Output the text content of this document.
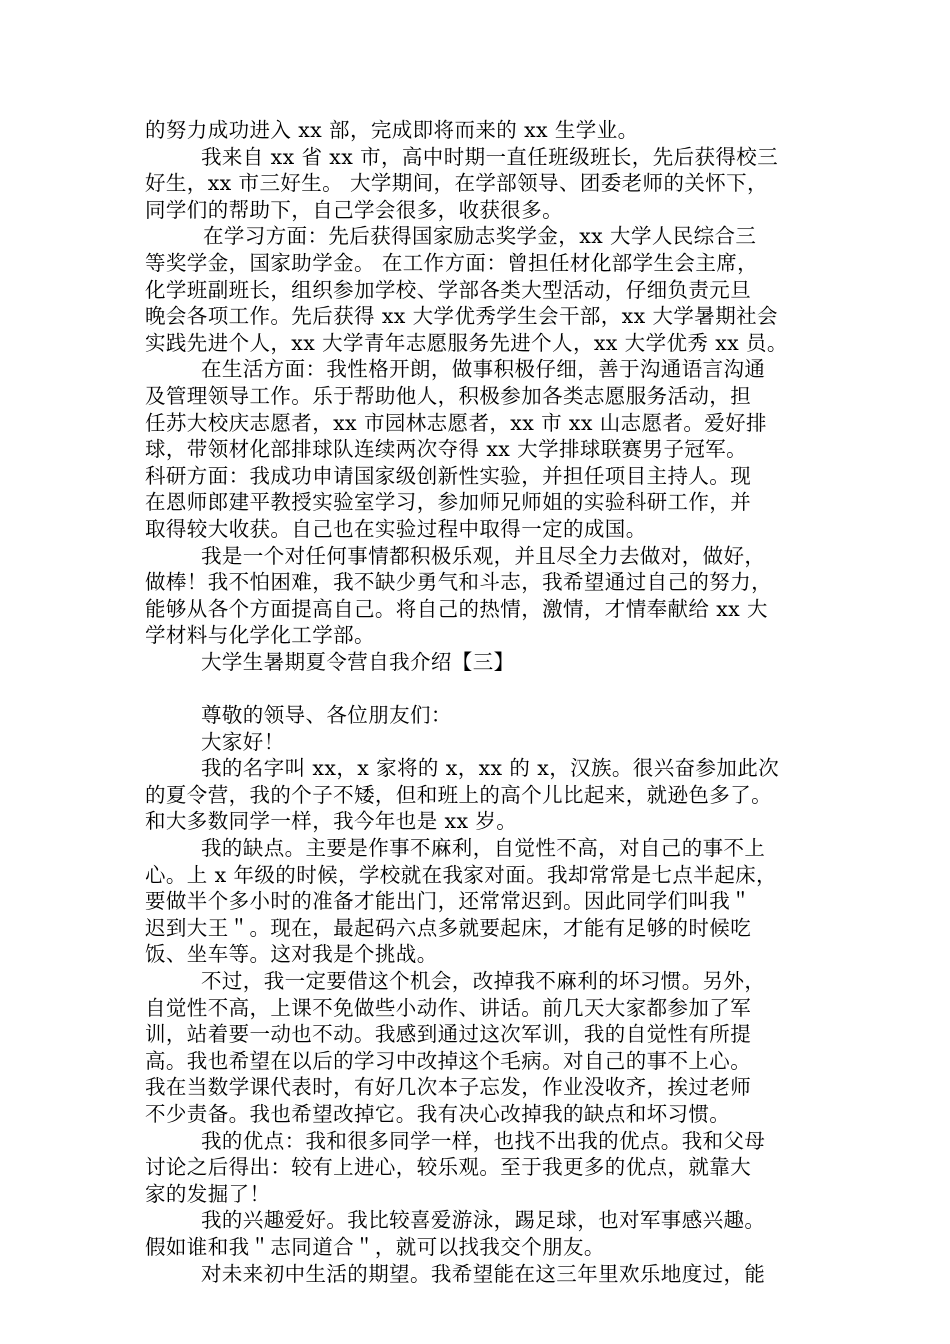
的努力成功进入 xx 部，完成即将而来的 xx 生学业。
我来自 xx 省 xx 市，高中时期一直任班级班长，先后获得校三
好生，xx 市三好生。 大学期间，在学部领导、团委老师的关怀下，
同学们的帮助下，自己学会很多，收获很多。
在学习方面：先后获得国家励志奖学金，xx 大学人民综合三
等奖学金，国家助学金。 在工作方面：曾担任材化部学生会主席，
化学班副班长，组织参加学校、学部各类大型活动，仔细负责元旦
晚会各项工作。先后获得 xx 大学优秀学生会干部，xx 大学暑期社会
实践先进个人，xx 大学青年志愿服务先进个人，xx 大学优秀 xx 员。
在生活方面：我性格开朗，做事积极仔细，善于沟通语言沟通
及管理领导工作。乐于帮助他人，积极参加各类志愿服务活动，担
任苏大校庆志愿者，xx 市园林志愿者，xx 市 xx 山志愿者。爱好排
球，带领材化部排球队连续两次夺得 xx 大学排球联赛男子冠军。
科研方面：我成功申请国家级创新性实验，并担任项目主持人。现
在恩师郎建平教授实验室学习，参加师兄师姐的实验科研工作，并
取得较大收获。自己也在实验过程中取得一定的成国。
我是一个对任何事情都积极乐观，并且尽全力去做对，做好，
做棒！我不怕困难，我不缺少勇气和斗志，我希望通过自己的努力，
能够从各个方面提高自己。将自己的热情，激情，才情奉献给 xx 大
学材料与化学化工学部。
大学生暑期夏令营自我介绍【三】
尊敬的领导、各位朋友们：
大家好！
我的名字叫 xx，x 家将的 x，xx 的 x，汉族。很兴奋参加此次
的夏令营，我的个子不矮，但和班上的高个儿比起来，就逊色多了。
和大多数同学一样，我今年也是 xx 岁。
我的缺点。主要是作事不麻利，自觉性不高，对自己的事不上
心。上 x 年级的时候，学校就在我家对面。我却常常是七点半起床，
要做半个多小时的准备才能出门，还常常迟到。因此同学们叫我＂
迟到大王＂。现在，最起码六点多就要起床，才能有足够的时候吃
饭、坐车等。这对我是个挑战。
不过，我一定要借这个机会，改掉我不麻利的坏习惯。另外，
自觉性不高，上课不免做些小动作、讲话。前几天大家都参加了军
训，站着要一动也不动。我感到通过这次军训，我的自觉性有所提
高。我也希望在以后的学习中改掉这个毛病。对自己的事不上心。
我在当数学课代表时，有好几次本子忘发，作业没收齐，挨过老师
不少责备。我也希望改掉它。我有决心改掉我的缺点和坏习惯。
我的优点：我和很多同学一样，也找不出我的优点。我和父母
讨论之后得出：较有上进心，较乐观。至于我更多的优点，就靠大
家的发掘了！
我的兴趣爱好。我比较喜爱游泳，踢足球，也对军事感兴趣。
假如谁和我＂志同道合＂，就可以找我交个朋友。
对未来初中生活的期望。我希望能在这三年里欢乐地度过，能
